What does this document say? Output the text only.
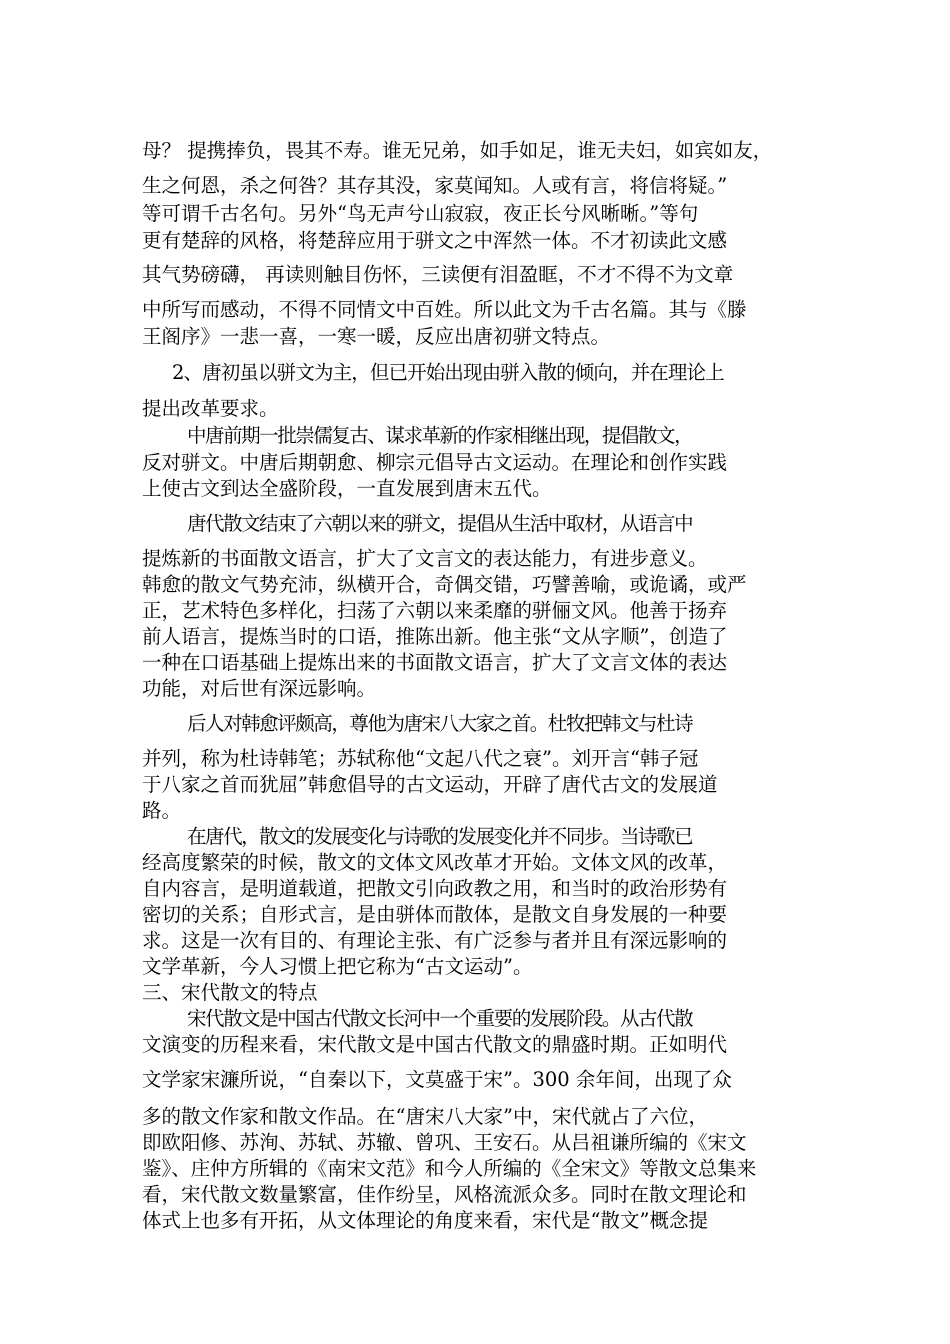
母？ 提携捧负，畏其不寿。谁无兄弟，如手如足，谁无夫妇，如宾如友，
生之何恩，杀之何咎？其存其没，家莫闻知。人或有言，将信将疑。”
等可谓千古名句。另外“鸟无声兮山寂寂，夜正长兮风晰晰。”等句
更有楚辞的风格，将楚辞应用于骈文之中浑然一体。不才初读此文感
其气势磅礴， 再读则触目伤怀，三读便有泪盈眶，不才不得不为文章
中所写而感动，不得不同情文中百姓。所以此文为千古名篇。其与《滕
王阁序》一悲一喜，一寒一暖，反应出唐初骈文特点。
2、唐初虽以骈文为主，但已开始出现由骈入散的倾向，并在理论上
提出改革要求。
中唐前期一批崇儒复古、谋求革新的作家相继出现，提倡散文，
反对骈文。中唐后期朝愈、柳宗元倡导古文运动。在理论和创作实践
上使古文到达全盛阶段，一直发展到唐末五代。
唐代散文结束了六朝以来的骈文，提倡从生活中取材，从语言中
提炼新的书面散文语言，扩大了文言文的表达能力，有进步意义。
韩愈的散文气势充沛，纵横开合，奇偶交错，巧譬善喻，或诡谲，或严
正，艺术特色多样化，扫荡了六朝以来柔靡的骈俪文风。他善于扬弃
前人语言，提炼当时的口语，推陈出新。他主张“文从字顺”，创造了
一种在口语基础上提炼出来的书面散文语言，扩大了文言文体的表达
功能，对后世有深远影响。
后人对韩愈评颇高，尊他为唐宋八大家之首。杜牧把韩文与杜诗
并列，称为杜诗韩笔；苏轼称他“文起八代之衰”。刘开言“韩子冠
于八家之首而犹屈”韩愈倡导的古文运动，开辟了唐代古文的发展道
路。
在唐代，散文的发展变化与诗歌的发展变化并不同步。当诗歌已
经高度繁荣的时候，散文的文体文风改革才开始。文体文风的改革，
自内容言，是明道载道，把散文引向政教之用，和当时的政治形势有
密切的关系；自形式言，是由骈体而散体，是散文自身发展的一种要
求。这是一次有目的、有理论主张、有广泛参与者并且有深远影响的
文学革新，今人习惯上把它称为“古文运动”。
三、宋代散文的特点
宋代散文是中国古代散文长河中一个重要的发展阶段。从古代散
文演变的历程来看，宋代散文是中国古代散文的鼎盛时期。正如明代
文学家宋濂所说，“自秦以下，文莫盛于宋”。300 余年间，出现了众
多的散文作家和散文作品。在“唐宋八大家”中，宋代就占了六位，
即欧阳修、苏洵、苏轼、苏辙、曾巩、王安石。从吕祖谦所编的《宋文
鉴》、庄仲方所辑的《南宋文范》和今人所编的《全宋文》等散文总集来
看，宋代散文数量繁富，佳作纷呈，风格流派众多。同时在散文理论和
体式上也多有开拓，从文体理论的角度来看，宋代是“散文”概念提
